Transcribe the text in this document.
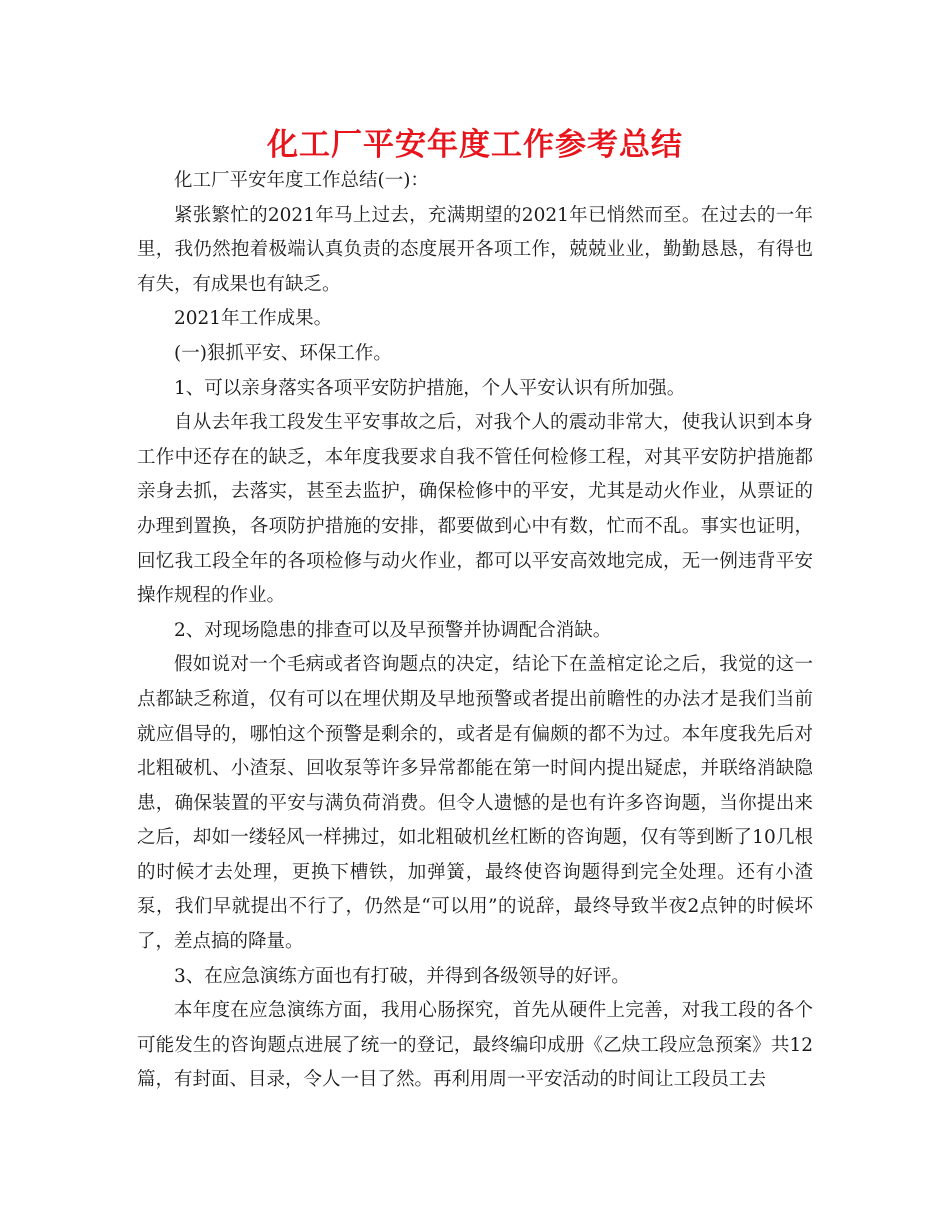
化工厂平安年度工作参考总结

化工厂平安年度工作总结(一)：

紧张繁忙的2021年马上过去，充满期望的2021年已悄然而至。在过去的一年里，我仍然抱着极端认真负责的态度展开各项工作，兢兢业业，勤勤恳恳，有得也有失，有成果也有缺乏。

2021年工作成果。

(一)狠抓平安、环保工作。

1、可以亲身落实各项平安防护措施，个人平安认识有所加强。

自从去年我工段发生平安事故之后，对我个人的震动非常大，使我认识到本身工作中还存在的缺乏，本年度我要求自我不管任何检修工程，对其平安防护措施都亲身去抓，去落实，甚至去监护，确保检修中的平安，尤其是动火作业，从票证的办理到置换，各项防护措施的安排，都要做到心中有数，忙而不乱。事实也证明，回忆我工段全年的各项检修与动火作业，都可以平安高效地完成，无一例违背平安操作规程的作业。

2、对现场隐患的排查可以及早预警并协调配合消缺。

假如说对一个毛病或者咨询题点的决定，结论下在盖棺定论之后，我觉的这一点都缺乏称道，仅有可以在埋伏期及早地预警或者提出前瞻性的办法才是我们当前就应倡导的，哪怕这个预警是剩余的，或者是有偏颇的都不为过。本年度我先后对北粗破机、小渣泵、回收泵等许多异常都能在第一时间内提出疑虑，并联络消缺隐患，确保装置的平安与满负荷消费。但令人遗憾的是也有许多咨询题，当你提出来之后，却如一缕轻风一样拂过，如北粗破机丝杠断的咨询题，仅有等到断了10几根的时候才去处理，更换下槽铁，加弹簧，最终使咨询题得到完全处理。还有小渣泵，我们早就提出不行了，仍然是“可以用”的说辞，最终导致半夜2点钟的时候坏了，差点搞的降量。

3、在应急演练方面也有打破，并得到各级领导的好评。

本年度在应急演练方面，我用心肠探究，首先从硬件上完善，对我工段的各个可能发生的咨询题点进展了统一的登记，最终编印成册《乙炔工段应急预案》共12篇，有封面、目录，令人一目了然。再利用周一平安活动的时间让工段员工去
